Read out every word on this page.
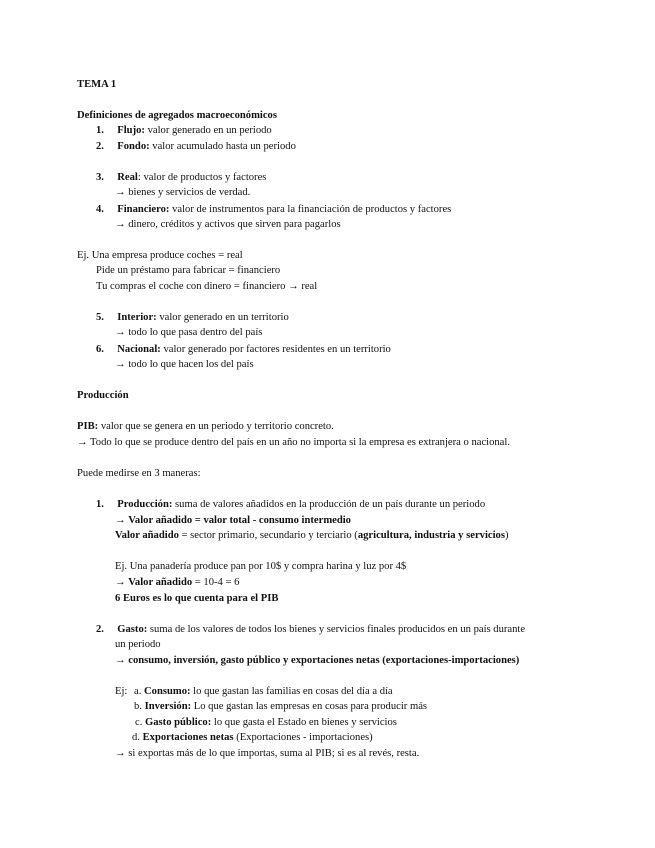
TEMA 1
Definiciones de agregados macroeconómicos
1. Flujo: valor generado en un periodo
2. Fondo: valor acumulado hasta un periodo
3. Real: valor de productos y factores
→ bienes y servicios de verdad.
4. Financiero: valor de instrumentos para la financiación de productos y factores
→ dinero, créditos y activos que sirven para pagarlos
Ej. Una empresa produce coches = real
Pide un préstamo para fabricar = financiero
Tu compras el coche con dinero = financiero → real
5. Interior: valor generado en un territorio
→ todo lo que pasa dentro del país
6. Nacional: valor generado por factores residentes en un territorio
→ todo lo que hacen los del país
Producción
PIB: valor que se genera en un periodo y territorio concreto.
→ Todo lo que se produce dentro del país en un año no importa si la empresa es extranjera o nacional.
Puede medirse en 3 maneras:
1. Producción: suma de valores añadidos en la producción de un país durante un periodo
→ Valor añadido = valor total - consumo intermedio
Valor añadido = sector primario, secundario y terciario (agricultura, industria y servicios)
Ej. Una panadería produce pan por 10$ y compra harina y luz por 4$
→ Valor añadido = 10-4 = 6
6 Euros es lo que cuenta para el PIB
2. Gasto: suma de los valores de todos los bienes y servicios finales producidos en un país durante
un periodo
→ consumo, inversión, gasto público y exportaciones netas (exportaciones-importaciones)
Ej: a. Consumo: lo que gastan las familias en cosas del día a día
b. Inversión: Lo que gastan las empresas en cosas para producir más
c. Gasto público: lo que gasta el Estado en bienes y servicios
d. Exportaciones netas (Exportaciones - importaciones)
→ si exportas más de lo que importas, suma al PIB; si es al revés, resta.
